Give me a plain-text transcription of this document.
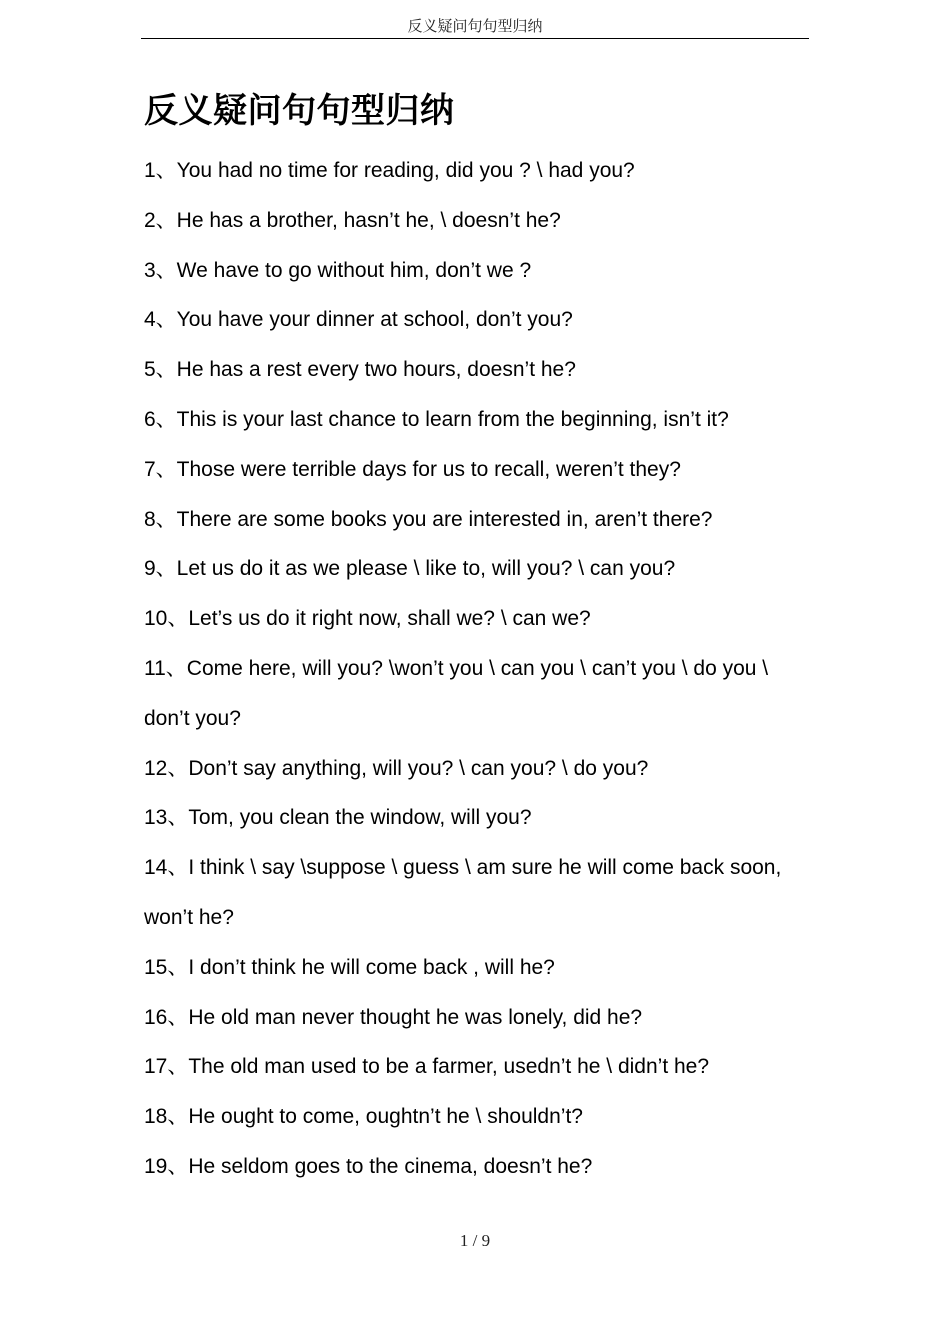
反义疑问句句型归纳
反义疑问句句型归纳
1、You had no time for reading, did you ? \ had you?
2、He has a brother, hasn’t he, \ doesn’t he?
3、We have to go without him, don’t we ?
4、You have your dinner at school, don’t you?
5、He has a rest every two hours, doesn’t he?
6、This is your last chance to learn from the beginning, isn’t it?
7、Those were terrible days for us to recall, weren’t they?
8、There are some books you are interested in, aren’t there?
9、Let us do it as we please \ like to, will you? \ can you?
10、Let’s us do it right now, shall we? \ can we?
11、Come here, will you? \won’t you \ can you \ can’t you \ do you \
don’t you?
12、Don’t say anything, will you? \ can you? \ do you?
13、Tom, you clean the window, will you?
14、I think \ say \suppose \ guess \ am sure he will come back soon,
won’t he?
15、I don’t think he will come back , will he?
16、He old man never thought he was lonely, did he?
17、The old man used to be a farmer, usedn’t he \ didn’t he?
18、He ought to come, oughtn’t he \ shouldn’t?
19、He seldom goes to the cinema, doesn’t he?
1 / 9
